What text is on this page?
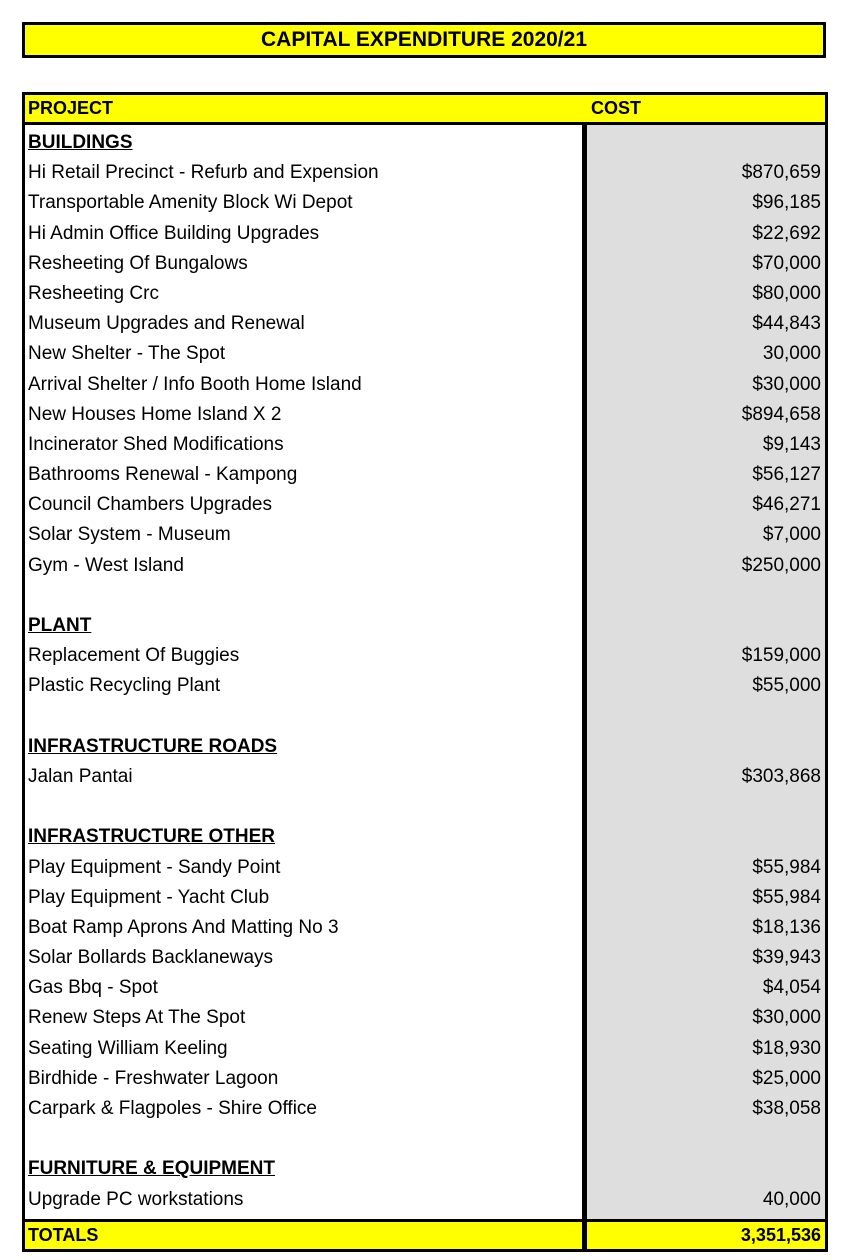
CAPITAL EXPENDITURE 2020/21
PROJECT	COST
BUILDINGS
Hi Retail Precinct - Refurb and Expension	$870,659
Transportable Amenity Block Wi Depot	$96,185
Hi Admin Office Building Upgrades	$22,692
Resheeting Of Bungalows	$70,000
Resheeting Crc	$80,000
Museum Upgrades and Renewal	$44,843
New Shelter - The Spot	30,000
Arrival Shelter / Info Booth Home Island	$30,000
New Houses Home Island X 2	$894,658
Incinerator Shed Modifications	$9,143
Bathrooms Renewal - Kampong	$56,127
Council Chambers Upgrades	$46,271
Solar System - Museum	$7,000
Gym - West Island	$250,000
PLANT
Replacement Of Buggies	$159,000
Plastic Recycling Plant	$55,000
INFRASTRUCTURE ROADS
Jalan Pantai	$303,868
INFRASTRUCTURE OTHER
Play Equipment - Sandy Point	$55,984
Play Equipment - Yacht Club	$55,984
Boat Ramp Aprons And Matting No 3	$18,136
Solar Bollards Backlaneways	$39,943
Gas Bbq - Spot	$4,054
Renew Steps At The Spot	$30,000
Seating William Keeling	$18,930
Birdhide - Freshwater Lagoon	$25,000
Carpark & Flagpoles - Shire Office	$38,058
FURNITURE & EQUIPMENT
Upgrade PC workstations	40,000
TOTALS	3,351,536
